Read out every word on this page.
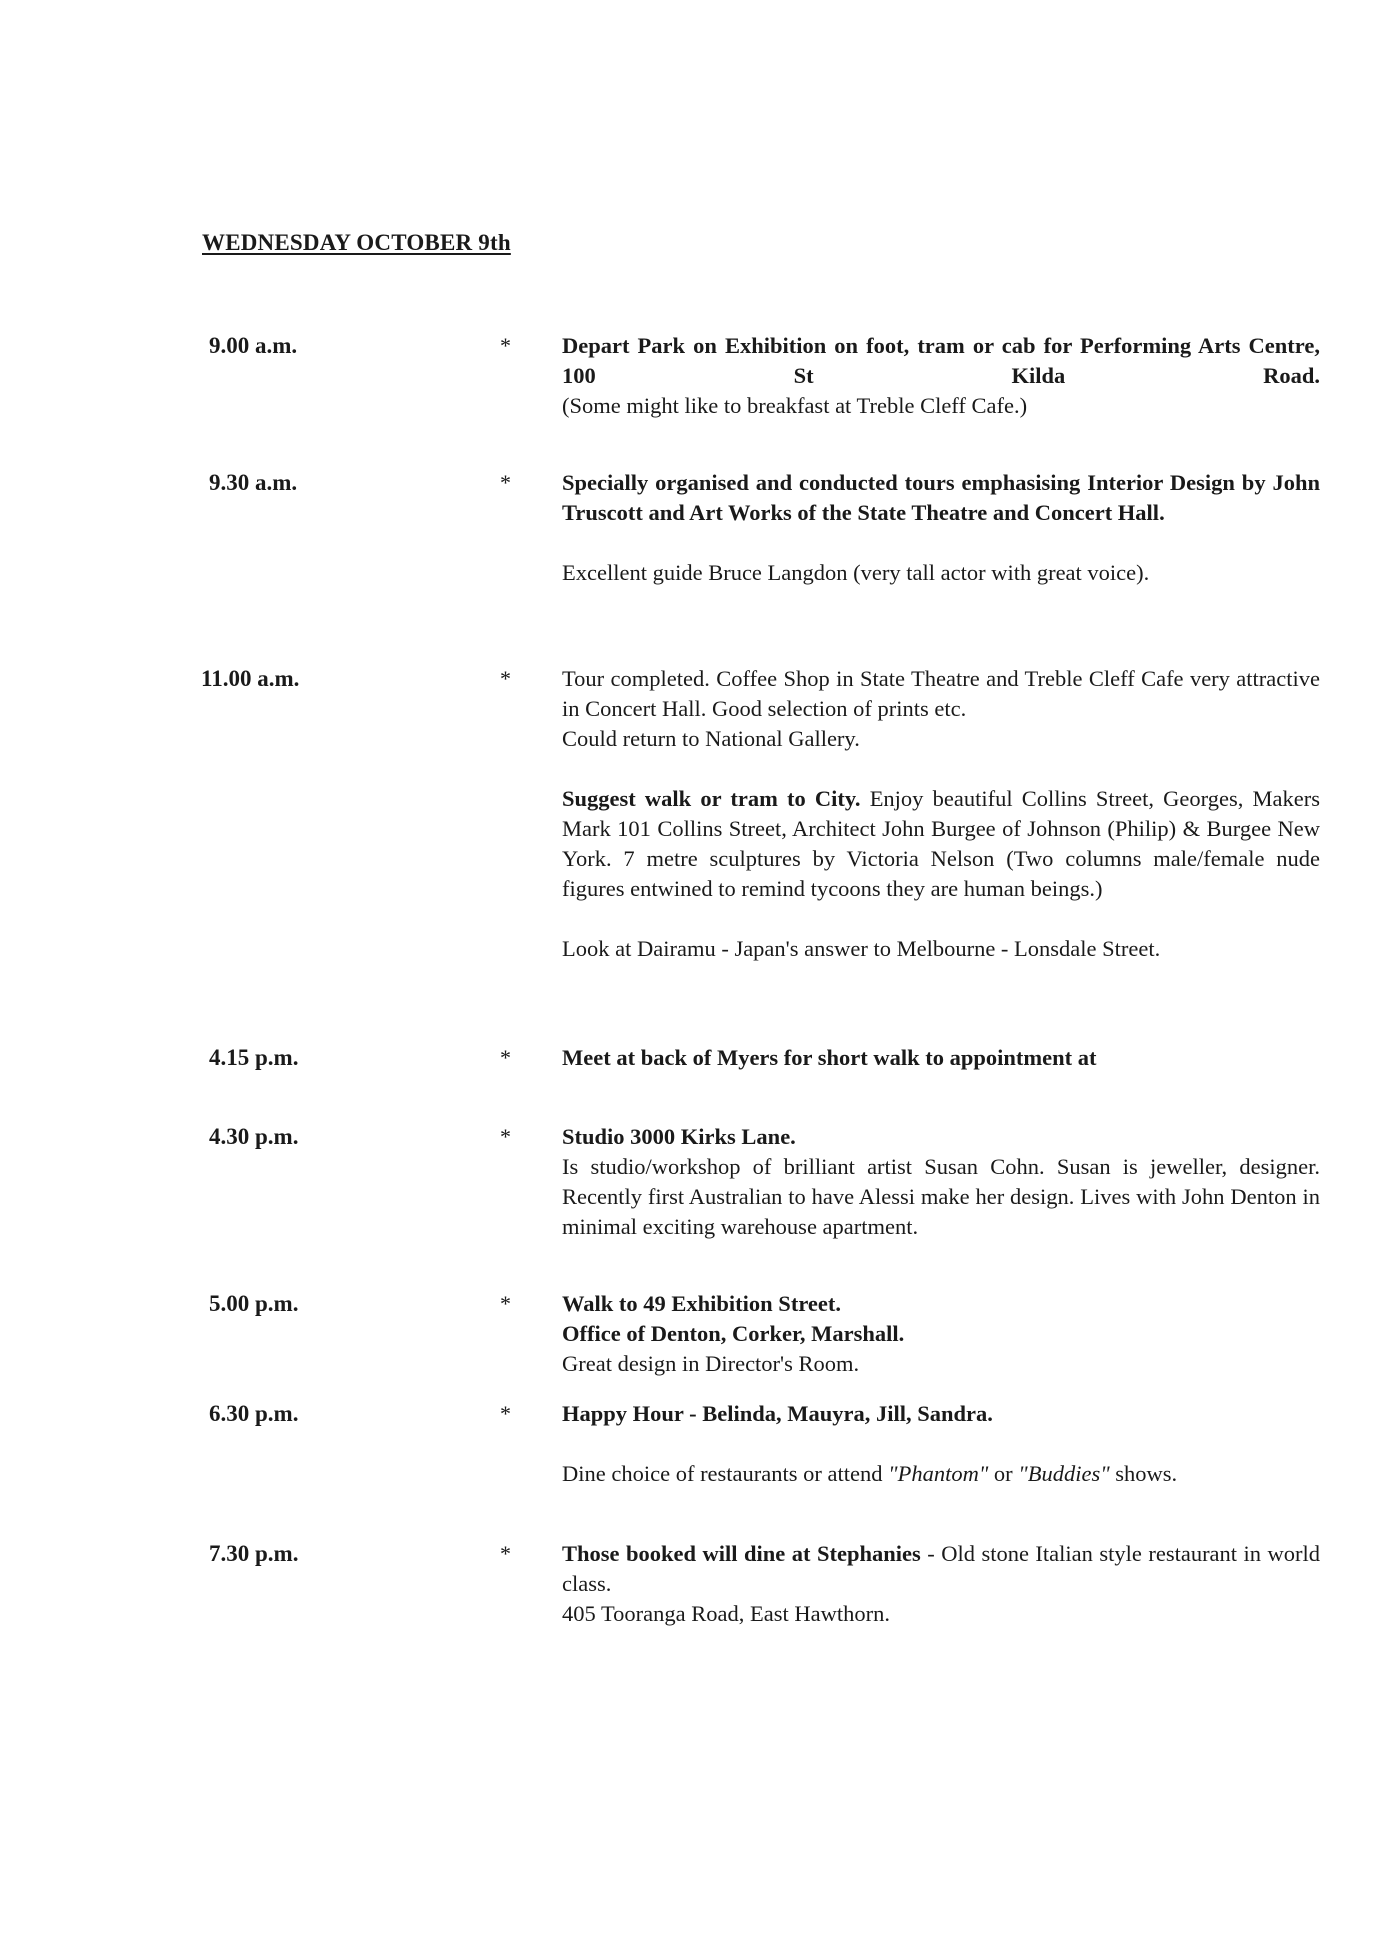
WEDNESDAY OCTOBER 9th
9.00 a.m.	* Depart Park on Exhibition on foot, tram or cab for Performing Arts Centre, 100 St Kilda Road.

(Some might like to breakfast at Treble Cleff Cafe.)

9.30 a.m.	* Specially organised and conducted tours emphasising Interior Design by John Truscott and Art Works of the State Theatre and Concert Hall.

Excellent guide Bruce Langdon (very tall actor with great voice).

11.00 a.m.	* Tour completed. Coffee Shop in State Theatre and Treble Cleff Cafe very attractive in Concert Hall. Good selection of prints etc.

Could return to National Gallery.

Suggest walk or tram to City. Enjoy beautiful Collins Street, Georges, Makers Mark 101 Collins Street, Architect John Burgee of Johnson (Philip) & Burgee New York. 7 metre sculptures by Victoria Nelson (Two columns male/female nude figures entwined to remind tycoons they are human beings.)

Look at Dairamu - Japan's answer to Melbourne - Lonsdale Street.

4.15 p.m.	* Meet at back of Myers for short walk to appointment at

4.30 p.m.	* Studio 3000 Kirks Lane.

Is studio/workshop of brilliant artist Susan Cohn. Susan is jeweller, designer. Recently first Australian to have Alessi make her design. Lives with John Denton in minimal exciting warehouse apartment.

5.00 p.m.	* Walk to 49 Exhibition Street.

Office of Denton, Corker, Marshall.

Great design in Director's Room.

6.30 p.m.	* Happy Hour - Belinda, Mauyra, Jill, Sandra.

Dine choice of restaurants or attend "Phantom" or "Buddies" shows.

7.30 p.m.	* Those booked will dine at Stephanies - Old stone Italian style restaurant in world class.

405 Tooranga Road, East Hawthorn.
